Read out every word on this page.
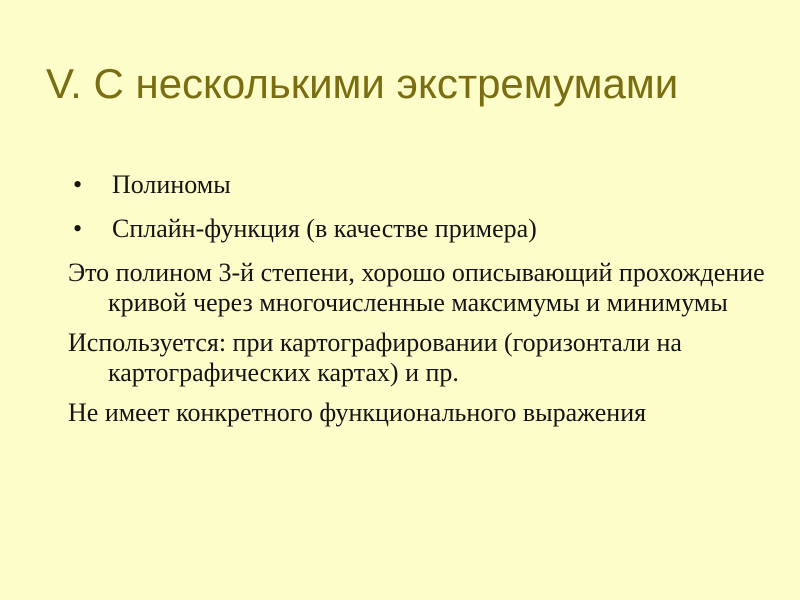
V. С несколькими экстремумами
• Полиномы
• Сплайн-функция (в качестве примера)

Это полином 3-й степени, хорошо описывающий прохождение кривой через многочисленные максимумы и минимумы

Используется: при картографировании (горизонтали на картографических картах) и пр.

Не имеет конкретного функционального выражения
